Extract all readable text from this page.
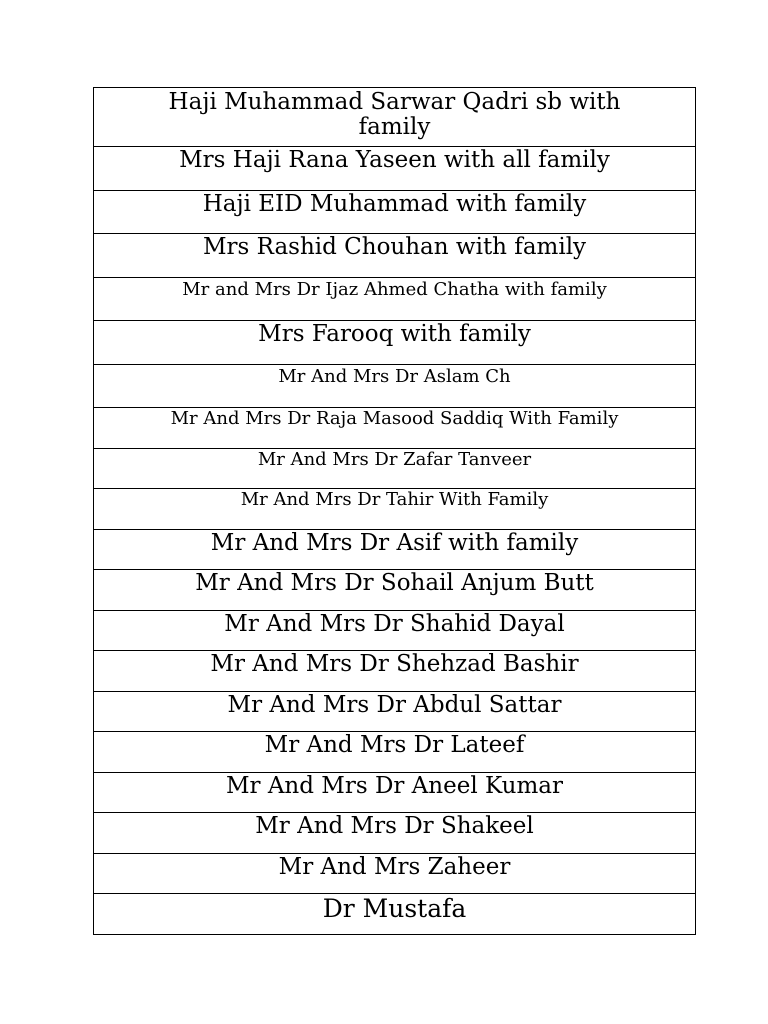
Haji Muhammad Sarwar Qadri sb with family
Mrs Haji Rana Yaseen with all family
Haji EID Muhammad with family
Mrs Rashid Chouhan with family
Mr and Mrs Dr Ijaz Ahmed Chatha with family
Mrs Farooq with family
Mr And Mrs Dr Aslam Ch
Mr And Mrs Dr Raja Masood Saddiq With Family
Mr And Mrs Dr Zafar Tanveer
Mr And Mrs Dr Tahir With Family
Mr And Mrs Dr Asif with family
Mr And Mrs Dr Sohail Anjum Butt
Mr And Mrs Dr Shahid Dayal
Mr And Mrs Dr Shehzad Bashir
Mr And Mrs Dr Abdul Sattar
Mr And Mrs Dr Lateef
Mr And Mrs Dr Aneel Kumar
Mr And Mrs Dr Shakeel
Mr And Mrs Zaheer
Dr Mustafa
